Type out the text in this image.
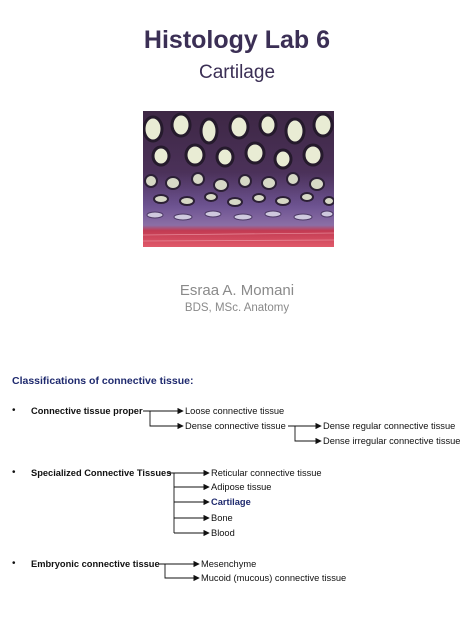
Histology Lab 6
Cartilage
Esraa A. Momani
BDS, MSc. Anatomy
Classifications of connective tissue:
• Connective tissue proper	Loose connective tissue
Dense connective tissue	Dense regular connective tissue
Dense irregular connective tissue
• Specialized Connective Tissues	Reticular connective tissue
Adipose tissue
Cartilage
Bone
Blood
• Embryonic connective tissue	Mesenchyme
Mucoid (mucous) connective tissue
